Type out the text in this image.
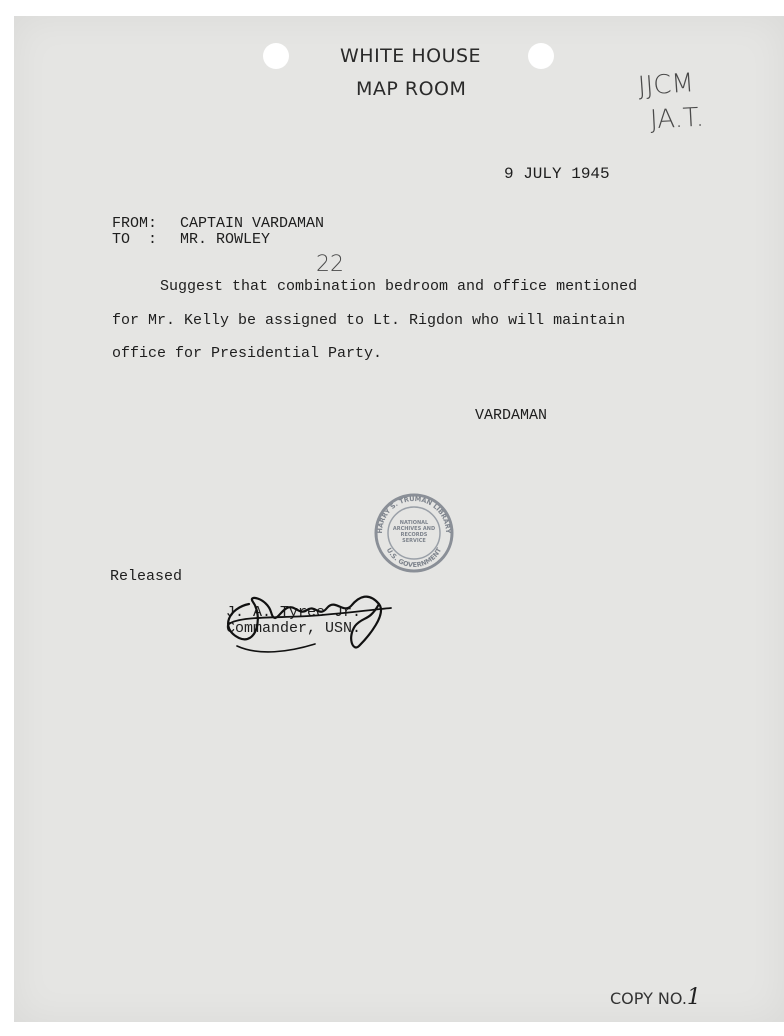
WHITE HOUSE
MAP ROOM	JJCM
JA.T.
9 JULY 1945
FROM: CAPTAIN VARDAMAN
TO  : MR. ROWLEY
22
Suggest that combination bedroom and office mentioned
for Mr. Kelly be assigned to Lt. Rigdon who will maintain
office for Presidential Party.
VARDAMAN
HARRY S. TRUMAN LIBRARY
U.S. GOVERNMENT
NATIONAL ARCHIVES AND RECORDS SERVICE
Released
J. A. Tyree Jr.
Commander, USN.
COPY NO.1
